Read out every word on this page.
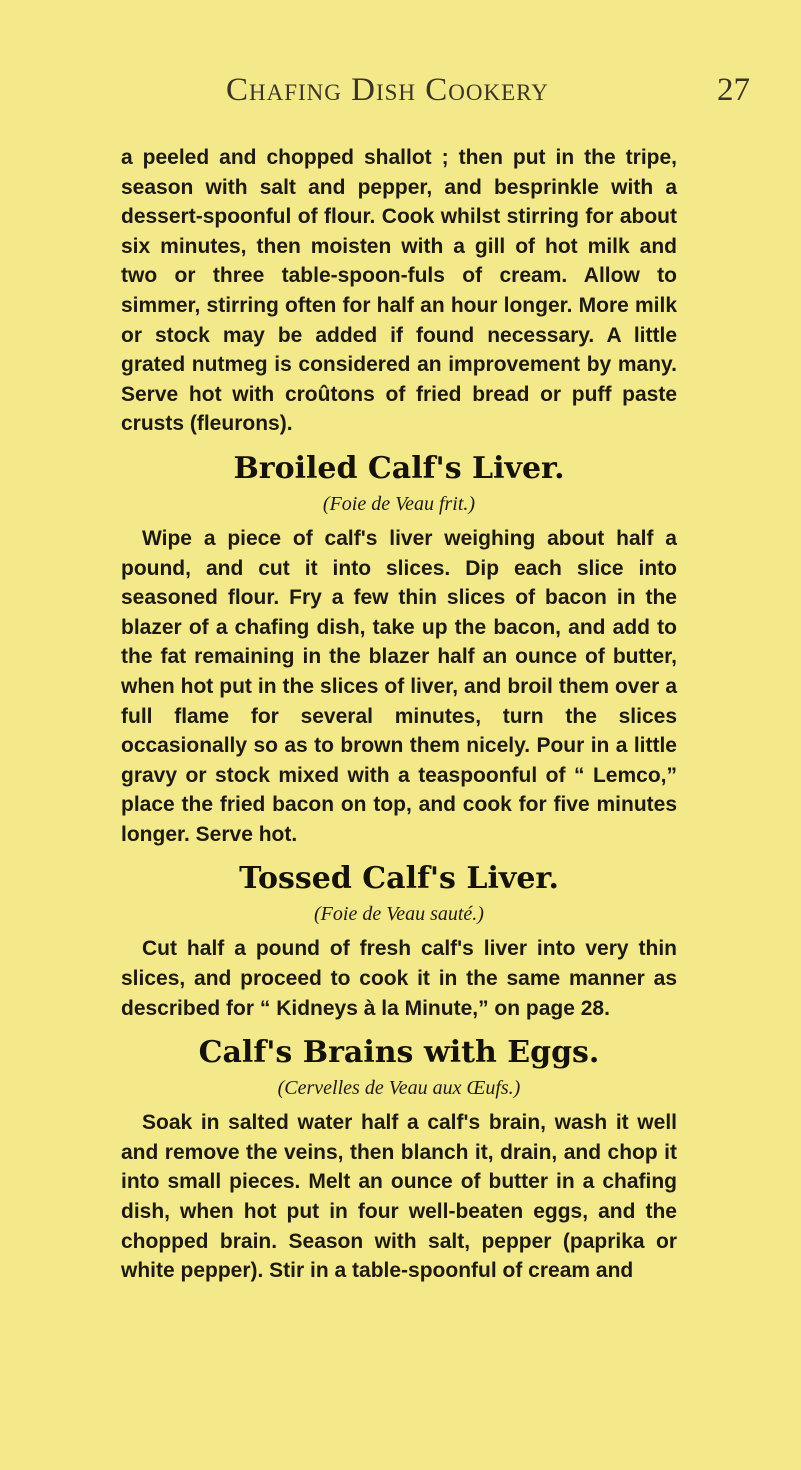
Chafing Dish Cookery	27

a peeled and chopped shallot ; then put in the tripe, season with salt and pepper, and besprinkle with a dessert-spoonful of flour. Cook whilst stirring for about six minutes, then moisten with a gill of hot milk and two or three table-spoon-fuls of cream. Allow to simmer, stirring often for half an hour longer. More milk or stock may be added if found necessary. A little grated nutmeg is considered an improvement by many. Serve hot with croûtons of fried bread or puff paste crusts (fleurons).

Broiled Calf's Liver.
(Foie de Veau frit.)

Wipe a piece of calf's liver weighing about half a pound, and cut it into slices. Dip each slice into seasoned flour. Fry a few thin slices of bacon in the blazer of a chafing dish, take up the bacon, and add to the fat remaining in the blazer half an ounce of butter, when hot put in the slices of liver, and broil them over a full flame for several minutes, turn the slices occasionally so as to brown them nicely. Pour in a little gravy or stock mixed with a teaspoonful of “ Lemco,” place the fried bacon on top, and cook for five minutes longer. Serve hot.

Tossed Calf's Liver.
(Foie de Veau sauté.)

Cut half a pound of fresh calf's liver into very thin slices, and proceed to cook it in the same manner as described for “ Kidneys à la Minute,” on page 28.

Calf's Brains with Eggs.
(Cervelles de Veau aux Œufs.)

Soak in salted water half a calf's brain, wash it well and remove the veins, then blanch it, drain, and chop it into small pieces. Melt an ounce of butter in a chafing dish, when hot put in four well-beaten eggs, and the chopped brain. Season with salt, pepper (paprika or white pepper). Stir in a table-spoonful of cream and
